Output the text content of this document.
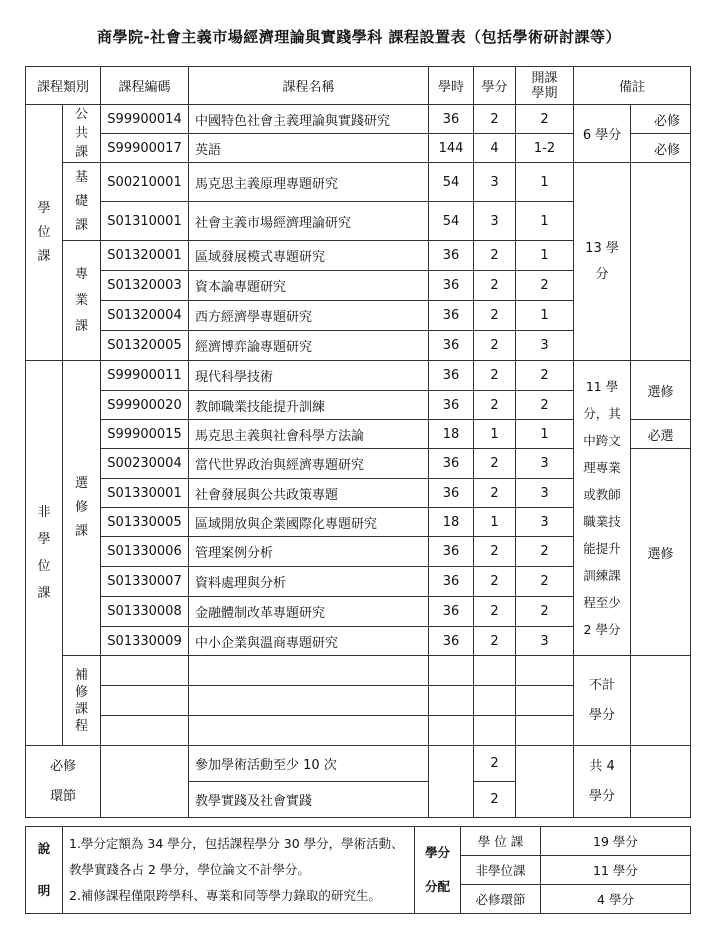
商學院-社會主義市場經濟理論與實踐學科 課程設置表（包括學術研討課等）
課程類別		課程編碼	課程名稱	學時	學分	開課學期	備註	

學位課	公共課	S99900014	中國特色社會主義理論與實踐研究	36	2	2	6 學分	必修
		S99900017	英語	144	4	1-2		必修

	基礎課	S00210001	馬克思主義原理專題研究	54	3	1	13 學分	

		S01310001	社會主義市場經濟理論研究	54	3	1		

	專業課	S01320001	區域發展模式專題研究	36	2	1		
		S01320003	資本論專題研究	36	2	2		
		S01320004	西方經濟學專題研究	36	2	1		
		S01320005	經濟博弈論專題研究	36	2	3		

非學位課	選修課	S99900011	現代科學技術	36	2	2	11 學分，其中跨文理專業或教師職業技能提升訓練課程至少 2 學分	選修
		S99900020	教師職業技能提升訓練	36	2	2		
		S99900015	馬克思主義與社會科學方法論	18	1	1		必選
		S00230004	當代世界政治與經濟專題研究	36	2	3		選修
		S01330001	社會發展與公共政策專題	36	2	3		
		S01330005	區域開放與企業國際化專題研究	18	1	3		
		S01330006	管理案例分析	36	2	2		
		S01330007	資料處理與分析	36	2	2		
		S01330008	金融體制改革專題研究	36	2	2		
		S01330009	中小企業與溫商專題研究	36	2	3		

	補修課程						不計學分	

必修環節			參加學術活動至少 10 次		2		共 4 學分	

			教學實踐及社會實踐		2			
說明	1.學分定額為 34 學分，包括課程學分 30 學分，學術活動、教學實踐各占 2 學分，學位論文不計學分。
2.補修課程僅限跨學科、專業和同等學力錄取的研究生。	學分分配	學 位 課	19 學分
			非學位課	11 學分
			必修環節	4 學分
